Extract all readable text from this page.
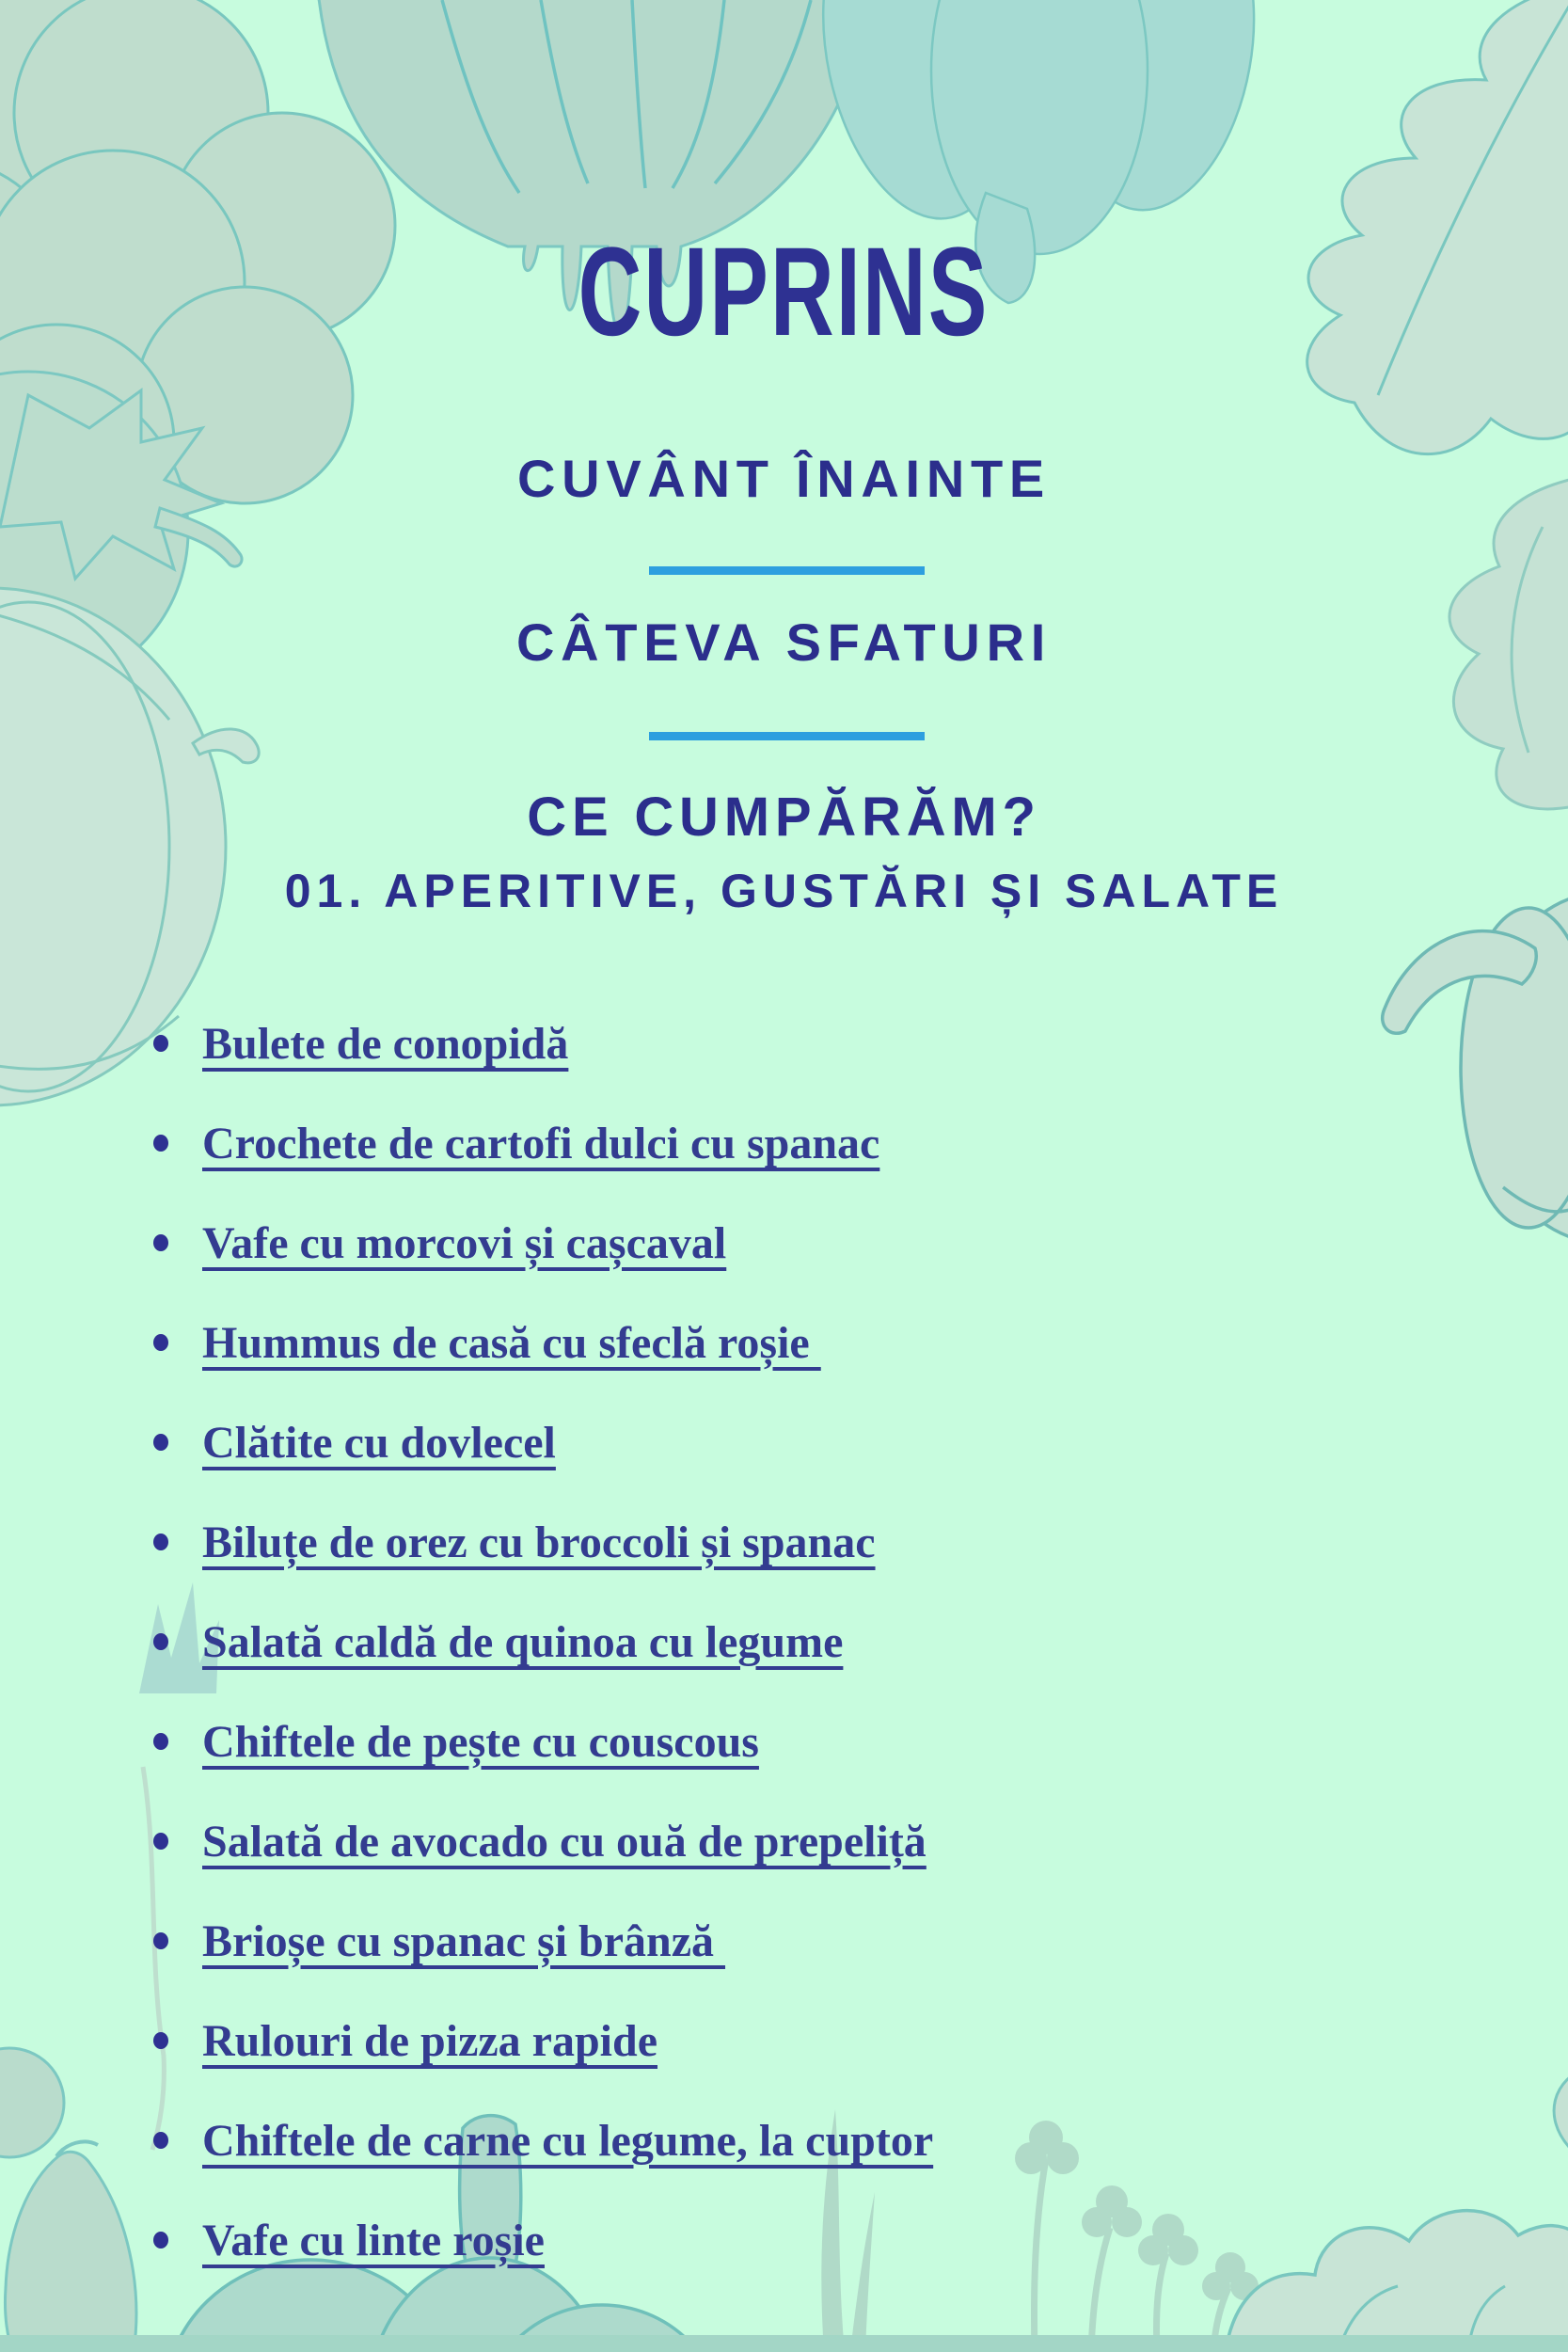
CUPRINS
CUVÂNT ÎNAINTE
CÂTEVA SFATURI
CE CUMPĂRĂM?
01. APERITIVE, GUSTĂRI ȘI SALATE
Bulete de conopidă
Crochete de cartofi dulci cu spanac
Vafe cu morcovi și cașcaval
Hummus de casă cu sfeclă roșie
Clătite cu dovlecel
Biluțe de orez cu broccoli și spanac
Salată caldă de quinoa cu legume
Chiftele de pește cu couscous
Salată de avocado cu ouă de prepeliță
Brioșe cu spanac și brânză
Rulouri de pizza rapide
Chiftele de carne cu legume, la cuptor
Vafe cu linte roșie
